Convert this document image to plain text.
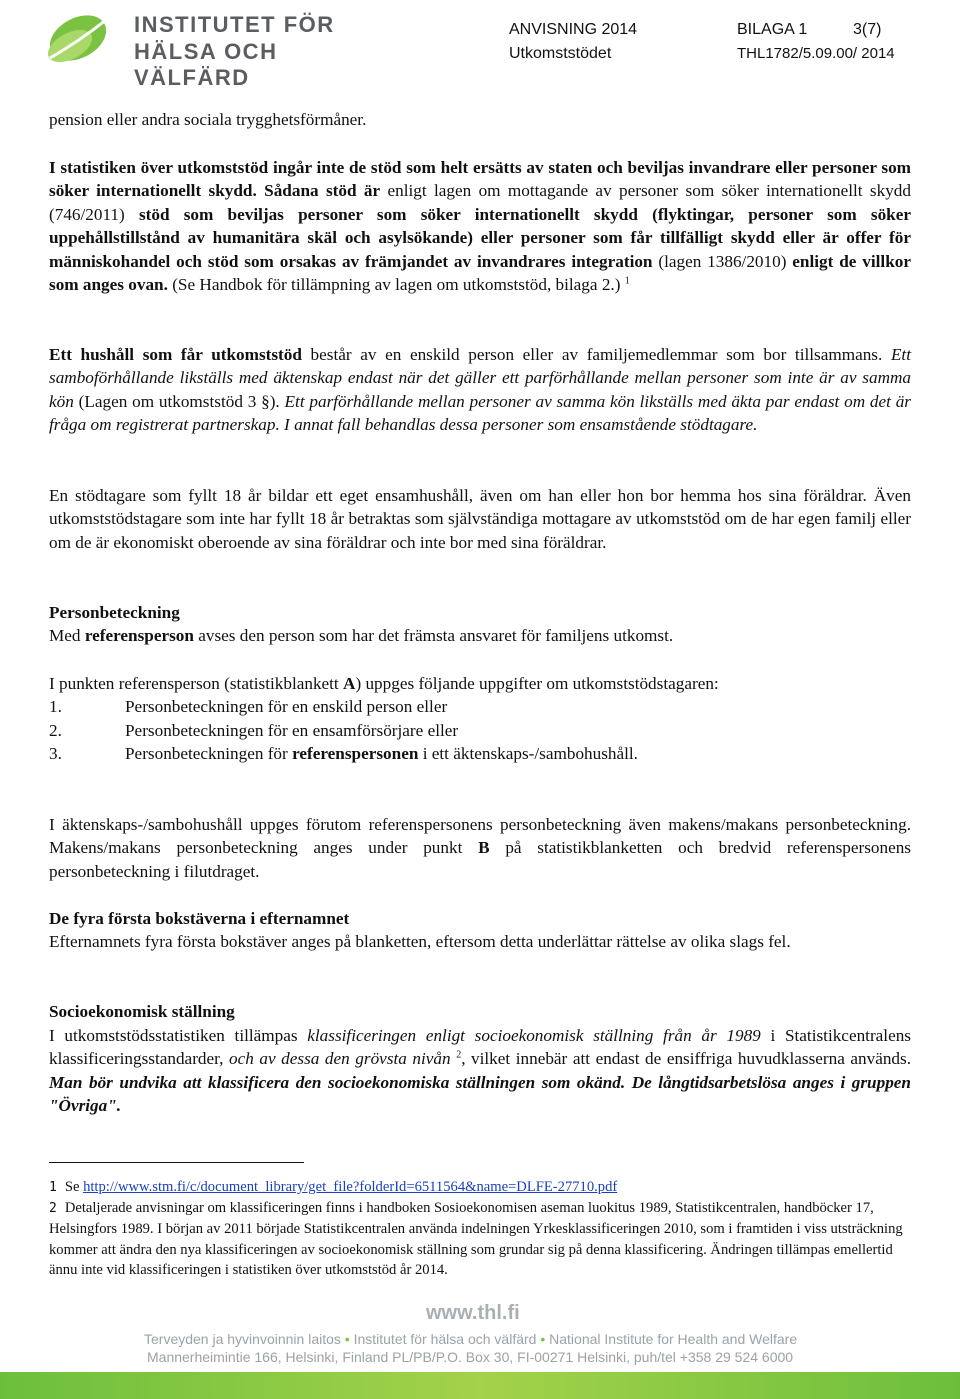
INSTITUTET FÖR
HÄLSA OCH VÄLFÄRD
ANVISNING 2014
Utkomststödet
BILAGA 1	3(7)
THL1782/5.09.00/ 2014
pension eller andra sociala trygghetsförmåner.
I statistiken över utkomststöd ingår inte de stöd som helt ersätts av staten och beviljas invandrare eller personer som söker internationellt skydd. Sådana stöd är enligt lagen om mottagande av personer som söker internationellt skydd (746/2011) stöd som beviljas personer som söker internationellt skydd (flyktingar, personer som söker uppehållstillstånd av humanitära skäl och asylsökande) eller personer som får tillfälligt skydd eller är offer för människohandel och stöd som orsakas av främjandet av invandrares integration (lagen 1386/2010) enligt de villkor som anges ovan. (Se Handbok för tillämpning av lagen om utkomststöd, bilaga 2.) $^1$
Ett hushåll som får utkomststöd består av en enskild person eller av familjemedlemmar som bor tillsammans. Ett samboförhållande likställs med äktenskap endast när det gäller ett parförhållande mellan personer som inte är av samma kön (Lagen om utkomststöd 3 §). Ett parförhållande mellan personer av samma kön likställs med äkta par endast om det är fråga om registrerat partnerskap. I annat fall behandlas dessa personer som ensamstående stödtagare.
En stödtagare som fyllt 18 år bildar ett eget ensamhushåll, även om han eller hon bor hemma hos sina föräldrar. Även utkomststödstagare som inte har fyllt 18 år betraktas som självständiga mottagare av utkomststöd om de har egen familj eller om de är ekonomiskt oberoende av sina föräldrar och inte bor med sina föräldrar.
Personbeteckning
Med referensperson avses den person som har det främsta ansvaret för familjens utkomst.
I punkten referensperson (statistikblankett A) uppges följande uppgifter om utkomststödstagaren:
1.	Personbeteckningen för en enskild person eller
2.	Personbeteckningen för en ensamförsörjare eller
3.	Personbeteckningen för referenspersonen i ett äktenskaps-/sambohushåll.
I äktenskaps-/sambohushåll uppges förutom referenspersonens personbeteckning även makens/makans personbeteckning. Makens/makans personbeteckning anges under punkt B på statistikblanketten och bredvid referenspersonens personbeteckning i filutdraget.
De fyra första bokstäverna i efternamnet
Efternamnets fyra första bokstäver anges på blanketten, eftersom detta underlättar rättelse av olika slags fel.
Socioekonomisk ställning
I utkomststödsstatistiken tillämpas klassificeringen enligt socioekonomisk ställning från år 1989 i Statistikcentralens klassificeringsstandarder, och av dessa den grövsta nivån $^2$, vilket innebär att endast de ensiffriga huvudklasserna används. Man bör undvika att klassificera den socioekonomiska ställningen som okänd. De långtidsarbetslösa anges i gruppen "Övriga".
1 Se http://www.stm.fi/c/document_library/get_file?folderId=6511564&name=DLFE-27710.pdf
2 Detaljerade anvisningar om klassificeringen finns i handboken Sosioekonomisen aseman luokitus 1989, Statistikcentralen, handböcker 17, Helsingfors 1989. I början av 2011 började Statistikcentralen använda indelningen Yrkesklassificeringen 2010, som i framtiden i viss utsträckning kommer att ändra den nya klassificeringen av socioekonomisk ställning som grundar sig på denna klassificering. Ändringen tillämpas emellertid ännu inte vid klassificeringen i statistiken över utkomststöd år 2014.
www.thl.fi
Terveyden ja hyvinvoinnin laitos • Institutet för hälsa och välfärd • National Institute for Health and Welfare
Mannerheimintie 166, Helsinki, Finland PL/PB/P.O. Box 30, FI-00271 Helsinki, puh/tel +358 29 524 6000
